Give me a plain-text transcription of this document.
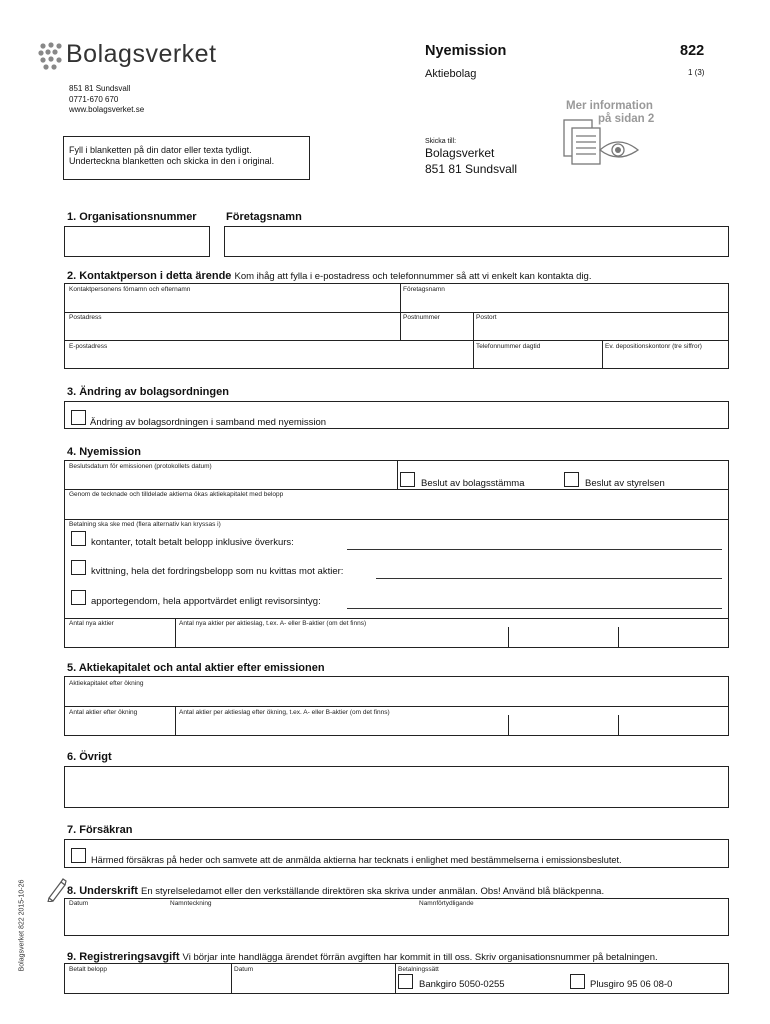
Bolagsverket
851 81 Sundsvall
0771-670 670
www.bolagsverket.se
Nyemission
Aktiebolag
822
1 (3)
Mer information
på sidan 2
Fyll i blanketten på din dator eller texta tydligt.
Underteckna blanketten och skicka in den i original.
Skicka till:
Bolagsverket
851 81 Sundsvall
1. Organisationsnummer	Företagsnamn
2. Kontaktperson i detta ärende Kom ihåg att fylla i e-postadress och telefonnummer så att vi enkelt kan kontakta dig.
Kontaktpersonens förnamn och efternamn	Företagsnamn
Postadress	Postnummer	Postort
E-postadress	Telefonnummer dagtid	Ev. depositionskontonr (tre siffror)
3. Ändring av bolagsordningen
Ändring av bolagsordningen i samband med nyemission
4. Nyemission
Beslutsdatum för emissionen (protokollets datum)
Beslut av bolagsstämma	Beslut av styrelsen
Genom de tecknade och tilldelade aktierna ökas aktiekapitalet med belopp
Betalning ska ske med (flera alternativ kan kryssas i)
kontanter, totalt betalt belopp inklusive överkurs:
kvittning, hela det fordringsbelopp som nu kvittas mot aktier:
apportegendom, hela apportvärdet enligt revisorsintyg:
Antal nya aktier	Antal nya aktier per aktieslag, t.ex. A- eller B-aktier (om det finns)
5. Aktiekapitalet och antal aktier efter emissionen
Aktiekapitalet efter ökning
Antal aktier efter ökning	Antal aktier per aktieslag efter ökning, t.ex. A- eller B-aktier (om det finns)
6. Övrigt
7. Försäkran
Härmed försäkras på heder och samvete att de anmälda aktierna har tecknats i enlighet med bestämmelserna i emissionsbeslutet.
8. Underskrift En styrelseledamot eller den verkställande direktören ska skriva under anmälan. Obs! Använd blå bläckpenna.
Datum	Namnteckning	Namnförtydligande
9. Registreringsavgift Vi börjar inte handlägga ärendet förrän avgiften har kommit in till oss. Skriv organisationsnummer på betalningen.
Betalt belopp	Datum	Betalningssätt
Bankgiro 5050-0255	Plusgiro 95 06 08-0
Bolagsverket 822 2015-10-26
